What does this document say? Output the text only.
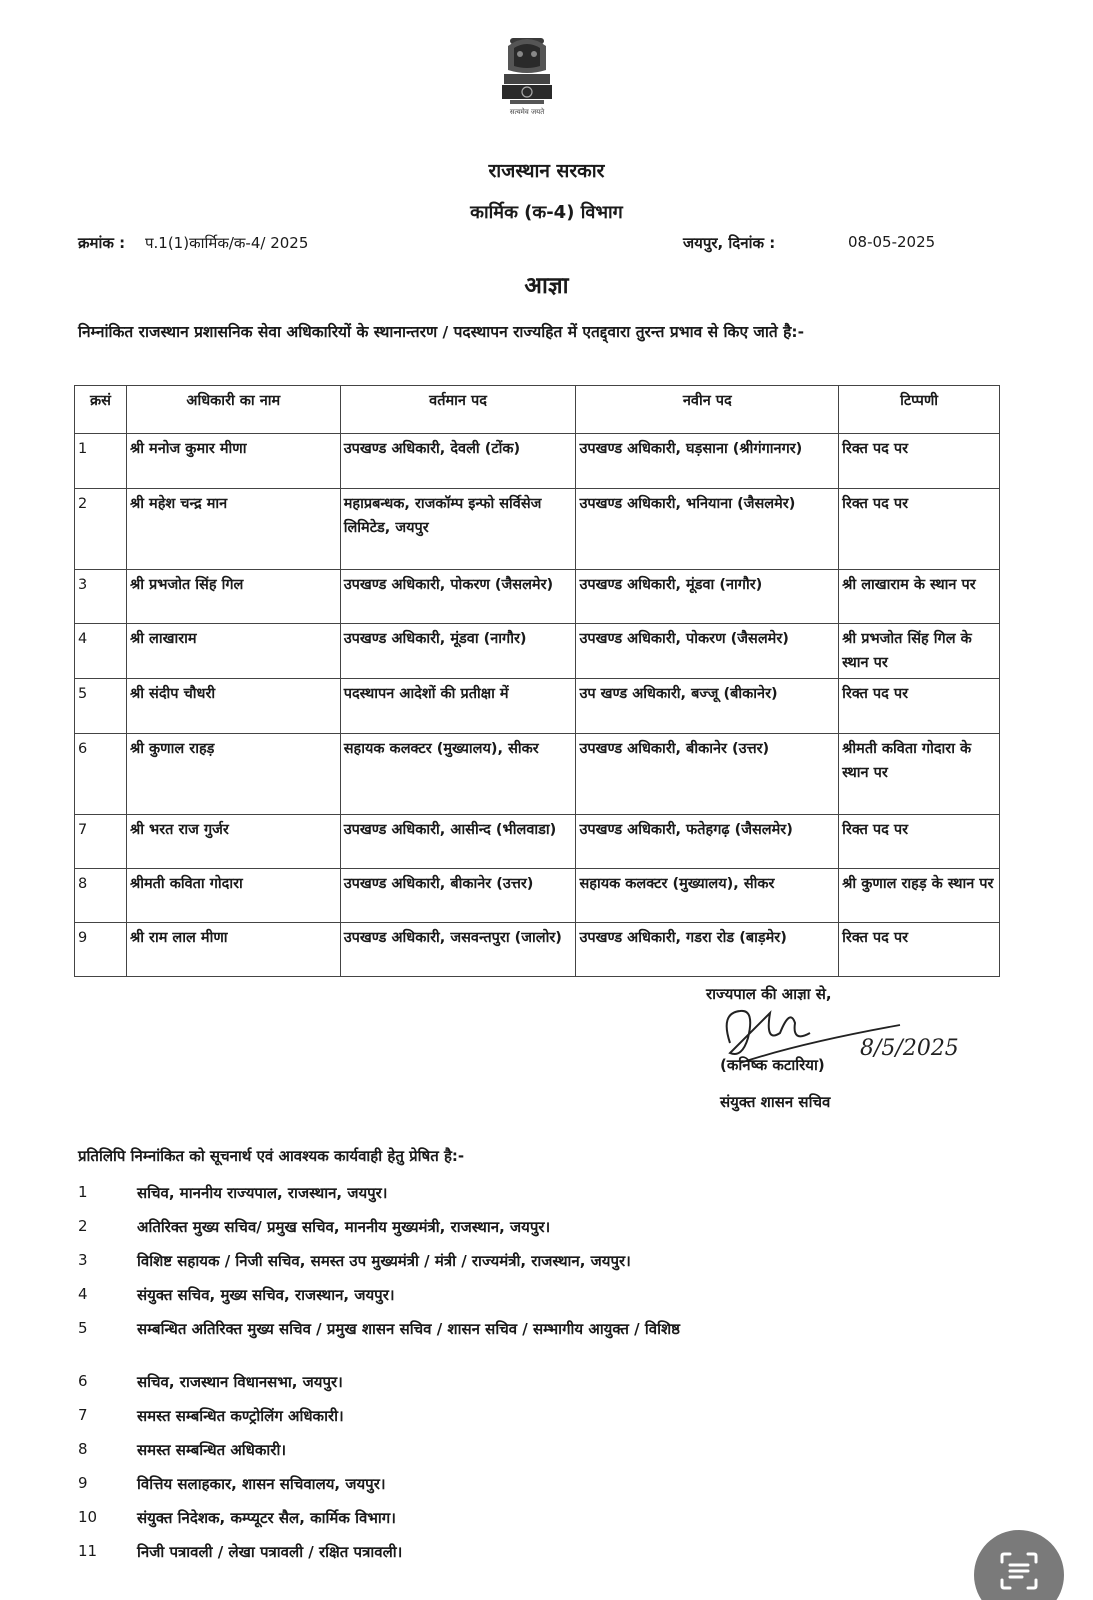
सत्यमेव जयते
राजस्थान सरकार
कार्मिक (क-4) विभाग
क्रमांक : प.1(1)कार्मिक/क-4/ 2025	जयपुर, दिनांक :	08-05-2025
आज्ञा
निम्नांकित राजस्थान प्रशासनिक सेवा अधिकारियों के स्थानान्तरण / पदस्थापन राज्यहित में एतद्द्वारा तुरन्त प्रभाव से किए जाते है:-
क्रसं	अधिकारी का नाम	वर्तमान पद	नवीन पद	टिप्पणी
1	श्री मनोज कुमार मीणा	उपखण्ड अधिकारी, देवली (टोंक)	उपखण्ड अधिकारी, घड़साना (श्रीगंगानगर)	रिक्त पद पर
2	श्री महेश चन्द्र मान	महाप्रबन्धक, राजकॉम्प इन्फो सर्विसेज लिमिटेड, जयपुर	उपखण्ड अधिकारी, भनियाना (जैसलमेर)	रिक्त पद पर
3	श्री प्रभजोत सिंह गिल	उपखण्ड अधिकारी, पोकरण (जैसलमेर)	उपखण्ड अधिकारी, मूंडवा (नागौर)	श्री लाखाराम के स्थान पर
4	श्री लाखाराम	उपखण्ड अधिकारी, मूंडवा (नागौर)	उपखण्ड अधिकारी, पोकरण (जैसलमेर)	श्री प्रभजोत सिंह गिल के स्थान पर
5	श्री संदीप चौधरी	पदस्थापन आदेशों की प्रतीक्षा में	उप खण्ड अधिकारी, बज्जू (बीकानेर)	रिक्त पद पर
6	श्री कुणाल राहड़	सहायक कलक्टर (मुख्यालय), सीकर	उपखण्ड अधिकारी, बीकानेर (उत्तर)	श्रीमती कविता गोदारा के स्थान पर
7	श्री भरत राज गुर्जर	उपखण्ड अधिकारी, आसीन्द (भीलवाडा)	उपखण्ड अधिकारी, फतेहगढ़ (जैसलमेर)	रिक्त पद पर
8	श्रीमती कविता गोदारा	उपखण्ड अधिकारी, बीकानेर (उत्तर)	सहायक कलक्टर (मुख्यालय), सीकर	श्री कुणाल राहड़ के स्थान पर
9	श्री राम लाल मीणा	उपखण्ड अधिकारी, जसवन्तपुरा (जालोर)	उपखण्ड अधिकारी, गडरा रोड (बाड़मेर)	रिक्त पद पर
राज्यपाल की आज्ञा से,
8/5/2025
(कनिष्क कटारिया)
संयुक्त शासन सचिव
प्रतिलिपि निम्नांकित को सूचनार्थ एवं आवश्यक कार्यवाही हेतु प्रेषित है:-
1	सचिव, माननीय राज्यपाल, राजस्थान, जयपुर।
2	अतिरिक्त मुख्य सचिव/ प्रमुख सचिव, माननीय मुख्यमंत्री, राजस्थान, जयपुर।
3	विशिष्ट सहायक / निजी सचिव, समस्त उप मुख्यमंत्री / मंत्री / राज्यमंत्री, राजस्थान, जयपुर।
4	संयुक्त सचिव, मुख्य सचिव, राजस्थान, जयपुर।
5	सम्बन्धित अतिरिक्त मुख्य सचिव / प्रमुख शासन सचिव / शासन सचिव / सम्भागीय आयुक्त / विशिष्ठ
6	सचिव, राजस्थान विधानसभा, जयपुर।
7	समस्त सम्बन्धित कण्ट्रोलिंग अधिकारी।
8	समस्त सम्बन्धित अधिकारी।
9	वित्तिय सलाहकार, शासन सचिवालय, जयपुर।
10	संयुक्त निदेशक, कम्प्यूटर सैल, कार्मिक विभाग।
11	निजी पत्रावली / लेखा पत्रावली / रक्षित पत्रावली।
